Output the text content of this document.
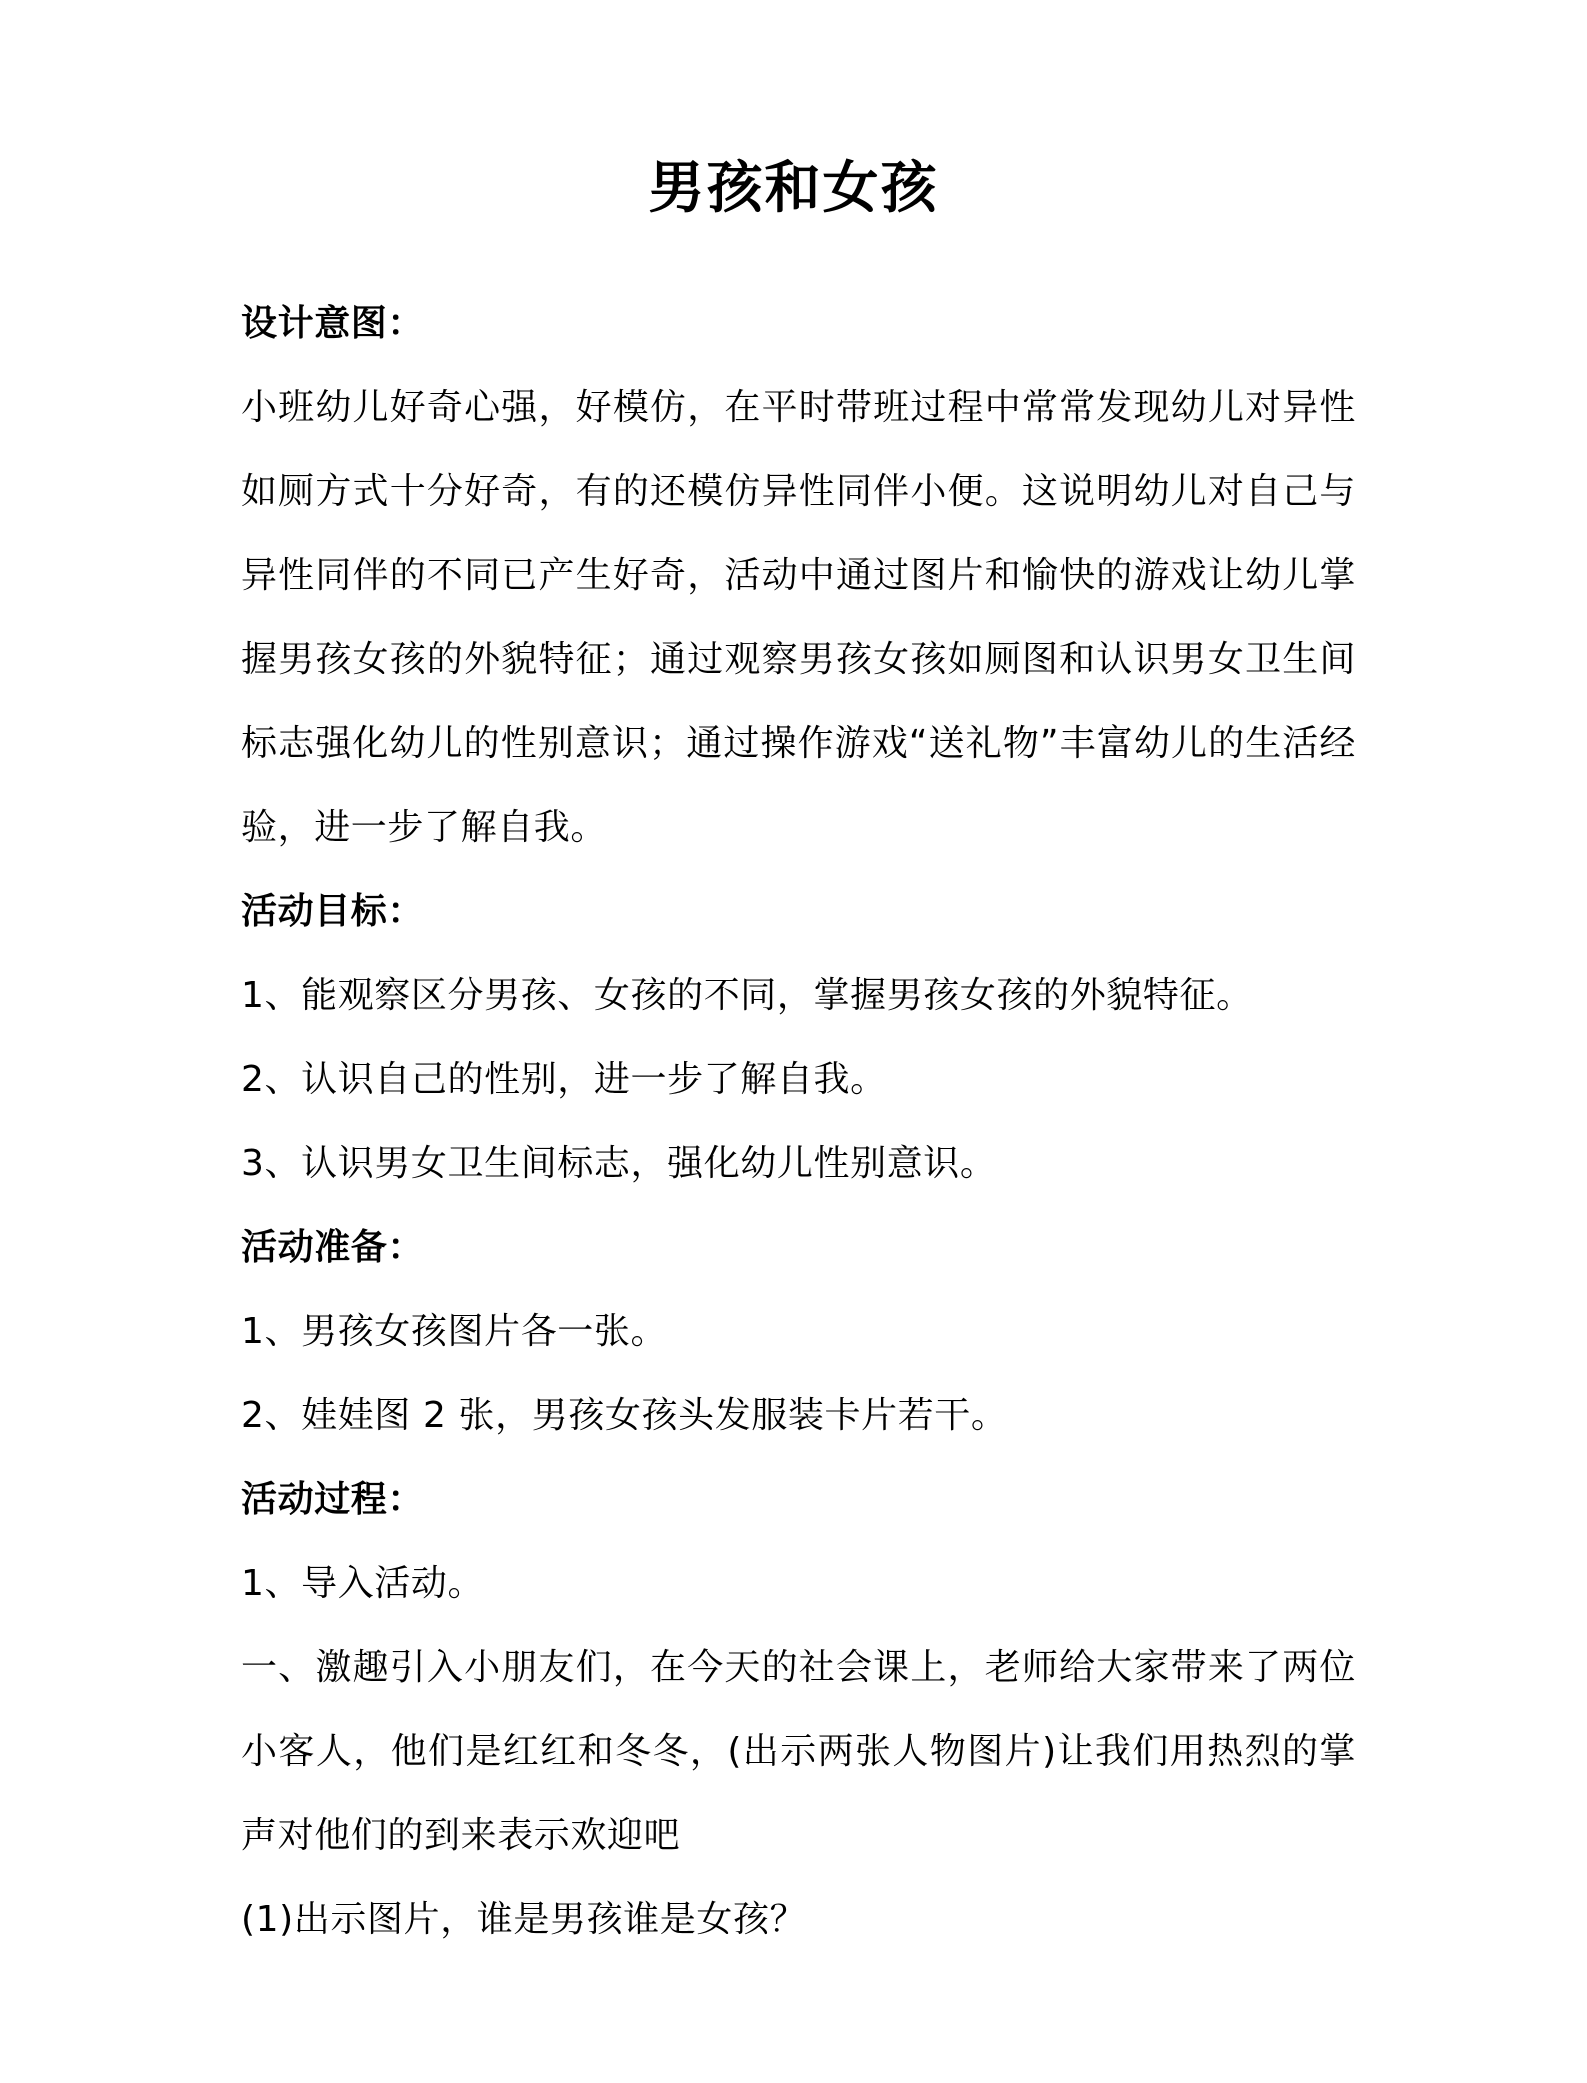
男孩和女孩

设计意图：

小班幼儿好奇心强，好模仿，在平时带班过程中常常发现幼儿对异性

如厕方式十分好奇，有的还模仿异性同伴小便。这说明幼儿对自己与

异性同伴的不同已产生好奇，活动中通过图片和愉快的游戏让幼儿掌

握男孩女孩的外貌特征；通过观察男孩女孩如厕图和认识男女卫生间

标志强化幼儿的性别意识；通过操作游戏“送礼物”丰富幼儿的生活经

验，进一步了解自我。

活动目标：

1、能观察区分男孩、女孩的不同，掌握男孩女孩的外貌特征。

2、认识自己的性别，进一步了解自我。

3、认识男女卫生间标志，强化幼儿性别意识。

活动准备：

1、男孩女孩图片各一张。

2、娃娃图 2 张，男孩女孩头发服装卡片若干。

活动过程：

1、导入活动。

一、激趣引入小朋友们，在今天的社会课上，老师给大家带来了两位

小客人，他们是红红和冬冬，(出示两张人物图片)让我们用热烈的掌

声对他们的到来表示欢迎吧

(1)出示图片，谁是男孩谁是女孩？
